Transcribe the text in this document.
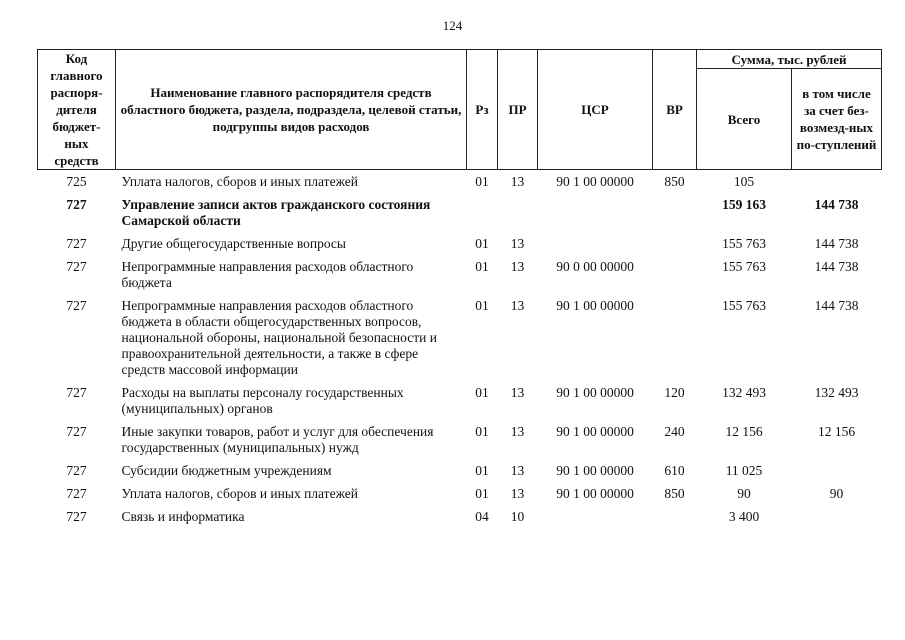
124
Код главного распоря-дителя бюджет-ных средств	Наименование главного распорядителя средств областного бюджета, раздела, подраздела, целевой статьи, подгруппы видов расходов	Рз	ПР	ЦСР	ВР	Сумма, тыс. рублей	
						Всего	в том числе за счет без-возмезд-ных по-ступлений
725	Уплата налогов, сборов и иных платежей	01	13	90 1 00 00000	850	105	
727	Управление записи актов гражданского состояния Самарской области					159 163	144 738
727	Другие общегосударственные вопросы	01	13			155 763	144 738
727	Непрограммные направления расходов областного бюджета	01	13	90 0 00 00000		155 763	144 738
727	Непрограммные направления расходов областного бюджета в области общегосударственных вопросов, национальной обороны, национальной безопасности и правоохранительной деятельности, а также в сфере средств массовой информации	01	13	90 1 00 00000		155 763	144 738
727	Расходы на выплаты персоналу государственных (муниципальных) органов	01	13	90 1 00 00000	120	132 493	132 493
727	Иные закупки товаров, работ и услуг для обеспечения государственных (муниципальных) нужд	01	13	90 1 00 00000	240	12 156	12 156
727	Субсидии бюджетным учреждениям	01	13	90 1 00 00000	610	11 025	
727	Уплата налогов, сборов и иных платежей	01	13	90 1 00 00000	850	90	90
727	Связь и информатика	04	10			3 400	
